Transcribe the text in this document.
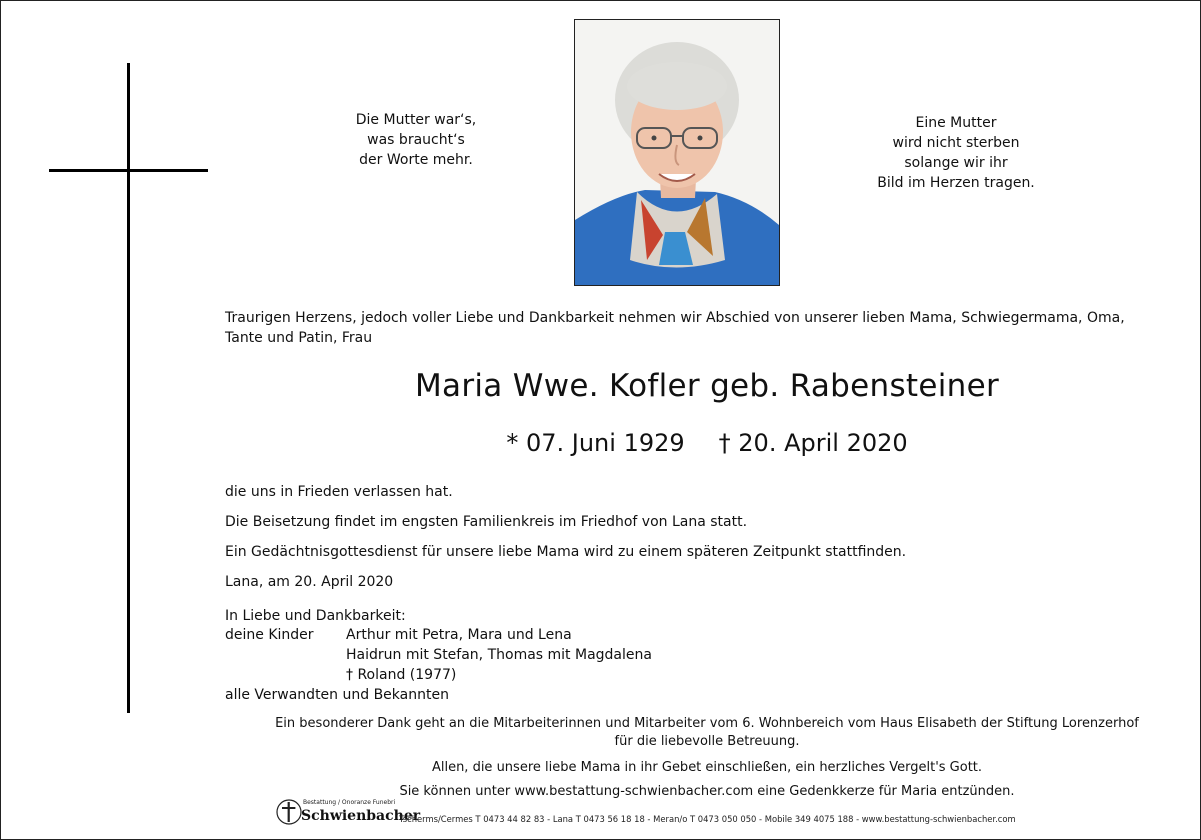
Die Mutter war‘s,
was braucht‘s
der Worte mehr.
Eine Mutter
wird nicht sterben
solange wir ihr
Bild im Herzen tragen.
Traurigen Herzens, jedoch voller Liebe und Dankbarkeit nehmen wir Abschied von unserer lieben Mama, Schwiegermama, Oma, Tante und Patin, Frau
Maria Wwe. Kofler geb. Rabensteiner
* 07. Juni 1929 † 20. April 2020
die uns in Frieden verlassen hat.
Die Beisetzung findet im engsten Familienkreis im Friedhof von Lana statt.
Ein Gedächtnisgottesdienst für unsere liebe Mama wird zu einem späteren Zeitpunkt stattfinden.
Lana, am 20. April 2020
In Liebe und Dankbarkeit:
deine Kinder	Arthur mit Petra, Mara und Lena
Haidrun mit Stefan, Thomas mit Magdalena
† Roland (1977)
alle Verwandten und Bekannten
Ein besonderer Dank geht an die Mitarbeiterinnen und Mitarbeiter vom 6. Wohnbereich vom Haus Elisabeth der Stiftung Lorenzerhof
für die liebevolle Betreuung.
Allen, die unsere liebe Mama in ihr Gebet einschließen, ein herzliches Vergelt's Gott.
Sie können unter www.bestattung-schwienbacher.com eine Gedenkkerze für Maria entzünden.
Bestattung / Onoranze Funebri
Schwienbacher
Tscherms/Cermes T 0473 44 82 83 - Lana T 0473 56 18 18 - Meran/o T 0473 050 050 - Mobile 349 4075 188 - www.bestattung-schwienbacher.com
